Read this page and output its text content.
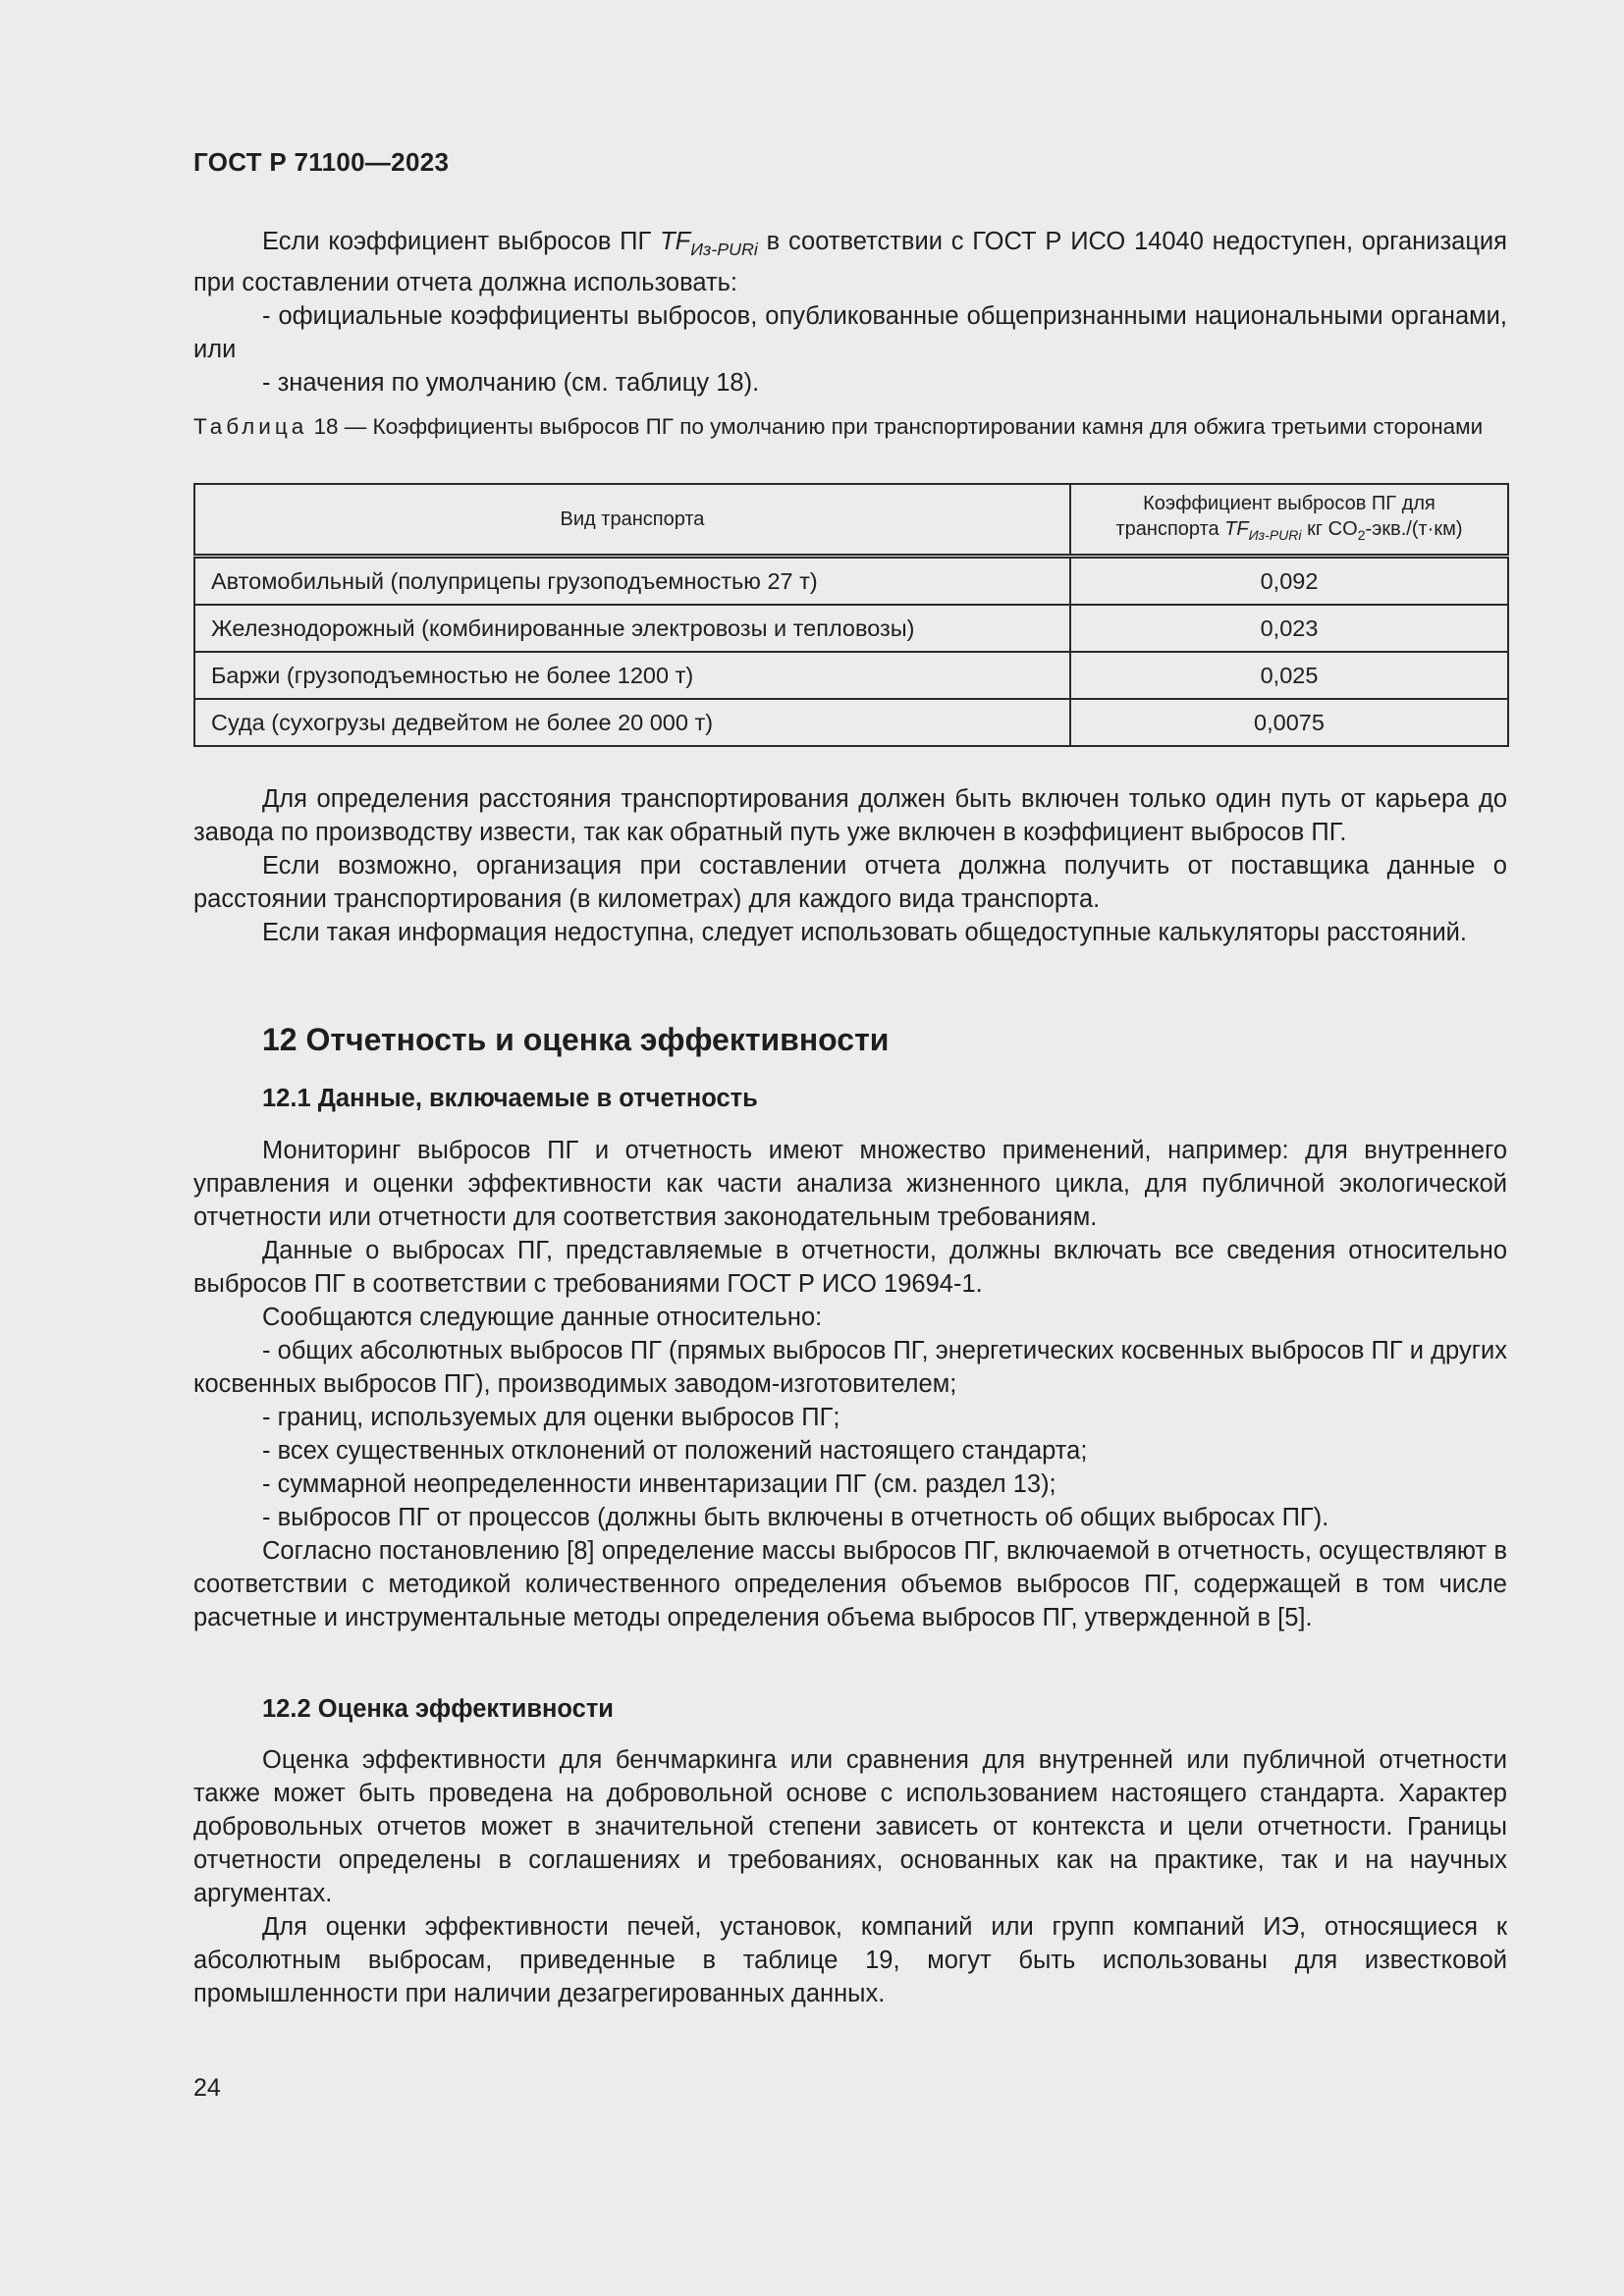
ГОСТ Р 71100—2023

Если коэффициент выбросов ПГ $TF_{Из-PURi}$ в соответствии с ГОСТ Р ИСО 14040 недоступен, организация при составлении отчета должна использовать:

- официальные коэффициенты выбросов, опубликованные общепризнанными национальными органами, или

- значения по умолчанию (см. таблицу 18).

Таблица 18 — Коэффициенты выбросов ПГ по умолчанию при транспортировании камня для обжига третьими сторонами
Вид транспорта	Коэффициент выбросов ПГ для
транспорта $TF_{Из-PURi}$ кг $CO_2-экв./(т\cdot км)$
Автомобильный (полуприцепы грузоподъемностью 27 т)	0,092
Железнодорожный (комбинированные электровозы и тепловозы)	0,023
Баржи (грузоподъемностью не более 1200 т)	0,025
Суда (сухогрузы дедвейтом не более 20 000 т)	0,0075

Для определения расстояния транспортирования должен быть включен только один путь от карьера до завода по производству извести, так как обратный путь уже включен в коэффициент выбросов ПГ.

Если возможно, организация при составлении отчета должна получить от поставщика данные о расстоянии транспортирования (в километрах) для каждого вида транспорта.

Если такая информация недоступна, следует использовать общедоступные калькуляторы расстояний.

12 Отчетность и оценка эффективности
12.1 Данные, включаемые в отчетность

Мониторинг выбросов ПГ и отчетность имеют множество применений, например: для внутреннего управления и оценки эффективности как части анализа жизненного цикла, для публичной экологической отчетности или отчетности для соответствия законодательным требованиям.

Данные о выбросах ПГ, представляемые в отчетности, должны включать все сведения относительно выбросов ПГ в соответствии с требованиями ГОСТ Р ИСО 19694-1.

Сообщаются следующие данные относительно:

- общих абсолютных выбросов ПГ (прямых выбросов ПГ, энергетических косвенных выбросов ПГ и других косвенных выбросов ПГ), производимых заводом-изготовителем;

- границ, используемых для оценки выбросов ПГ;

- всех существенных отклонений от положений настоящего стандарта;

- суммарной неопределенности инвентаризации ПГ (см. раздел 13);

- выбросов ПГ от процессов (должны быть включены в отчетность об общих выбросах ПГ).

Согласно постановлению [8] определение массы выбросов ПГ, включаемой в отчетность, осуществляют в соответствии с методикой количественного определения объемов выбросов ПГ, содержащей в том числе расчетные и инструментальные методы определения объема выбросов ПГ, утвержденной в [5].

12.2 Оценка эффективности

Оценка эффективности для бенчмаркинга или сравнения для внутренней или публичной отчетности также может быть проведена на добровольной основе с использованием настоящего стандарта. Характер добровольных отчетов может в значительной степени зависеть от контекста и цели отчетности. Границы отчетности определены в соглашениях и требованиях, основанных как на практике, так и на научных аргументах.

Для оценки эффективности печей, установок, компаний или групп компаний ИЭ, относящиеся к абсолютным выбросам, приведенные в таблице 19, могут быть использованы для известковой промышленности при наличии дезагрегированных данных.

24
